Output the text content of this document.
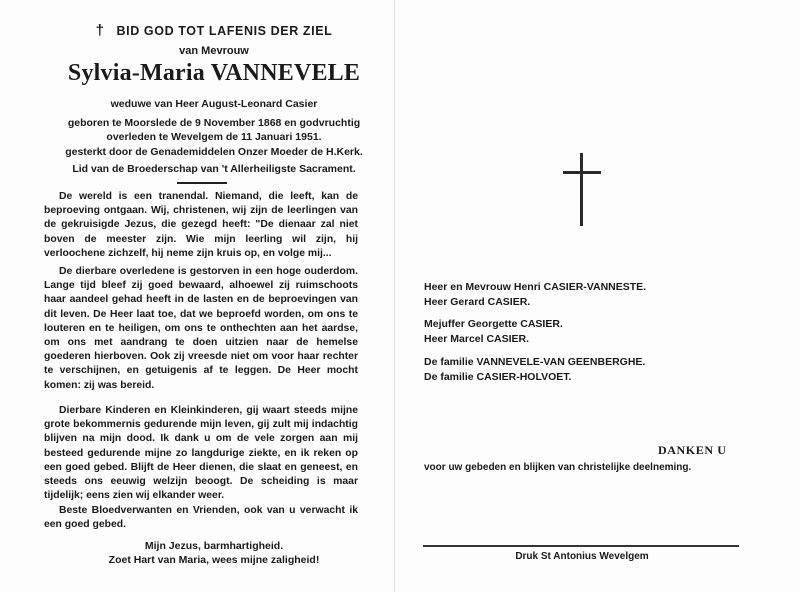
† BID GOD TOT LAFENIS DER ZIEL
van Mevrouw
Sylvia-Maria VANNEVELE
weduwe van Heer August-Leonard Casier
geboren te Moorslede de 9 November 1868 en godvruchtig
overleden te Wevelgem de 11 Januari 1951.
gesterkt door de Genademiddelen Onzer Moeder de H.Kerk.
Lid van de Broederschap van 't Allerheiligste Sacrament.
De wereld is een tranendal. Niemand, die leeft, kan de beproeving ontgaan. Wij, christenen, wij zijn de leerlingen van de gekruisigde Jezus, die gezegd heeft: "De dienaar zal niet boven de meester zijn. Wie mijn leerling wil zijn, hij verloochene zichzelf, hij neme zijn kruis op, en volge mij...
De dierbare overledene is gestorven in een hoge ouderdom. Lange tijd bleef zij goed bewaard, alhoewel zij ruimschoots haar aandeel gehad heeft in de lasten en de beproevingen van dit leven. De Heer laat toe, dat we beproefd worden, om ons te louteren en te heiligen, om ons te onthechten aan het aardse, om ons met aandrang te doen uitzien naar de hemelse goederen hierboven. Ook zij vreesde niet om voor haar rechter te verschijnen, en getuigenis af te leggen. De Heer mocht komen: zij was bereid.
Dierbare Kinderen en Kleinkinderen, gij waart steeds mijne grote bekommernis gedurende mijn leven, gij zult mij indachtig blijven na mijn dood. Ik dank u om de vele zorgen aan mij besteed gedurende mijne zo langdurige ziekte, en ik reken op een goed gebed. Blijft de Heer dienen, die slaat en geneest, en steeds ons eeuwig welzijn beoogt. De scheiding is maar tijdelijk; eens zien wij elkander weer.
Beste Bloedverwanten en Vrienden, ook van u verwacht ik een goed gebed.
Mijn Jezus, barmhartigheid.
Zoet Hart van Maria, wees mijne zaligheid!
Heer en Mevrouw Henri CASIER-VANNESTE.
Heer Gerard CASIER.
Mejuffer Georgette CASIER.
Heer Marcel CASIER.
De familie VANNEVELE-VAN GEENBERGHE.
De familie CASIER-HOLVOET.
DANKEN U
voor uw gebeden en blijken van christelijke deelneming.
Druk St Antonius Wevelgem
